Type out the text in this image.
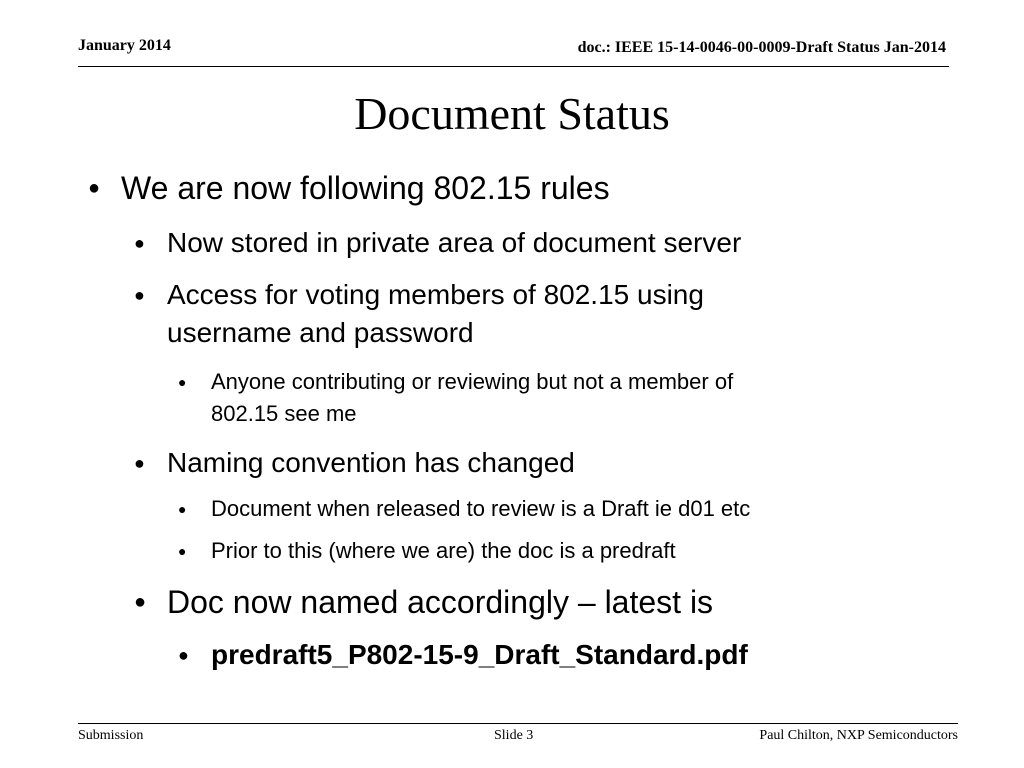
January 2014	doc.: IEEE 15-14-0046-00-0009-Draft Status Jan-2014
Document Status
● We are now following 802.15 rules
● Now stored in private area of document server
● Access for voting members of 802.15 using
username and password
● Anyone contributing or reviewing but not a member of
802.15 see me
● Naming convention has changed
● Document when released to review is a Draft ie d01 etc
● Prior to this (where we are) the doc is a predraft
● Doc now named accordingly – latest is
● predraft5_P802-15-9_Draft_Standard.pdf
Submission	Slide 3	Paul Chilton, NXP Semiconductors
